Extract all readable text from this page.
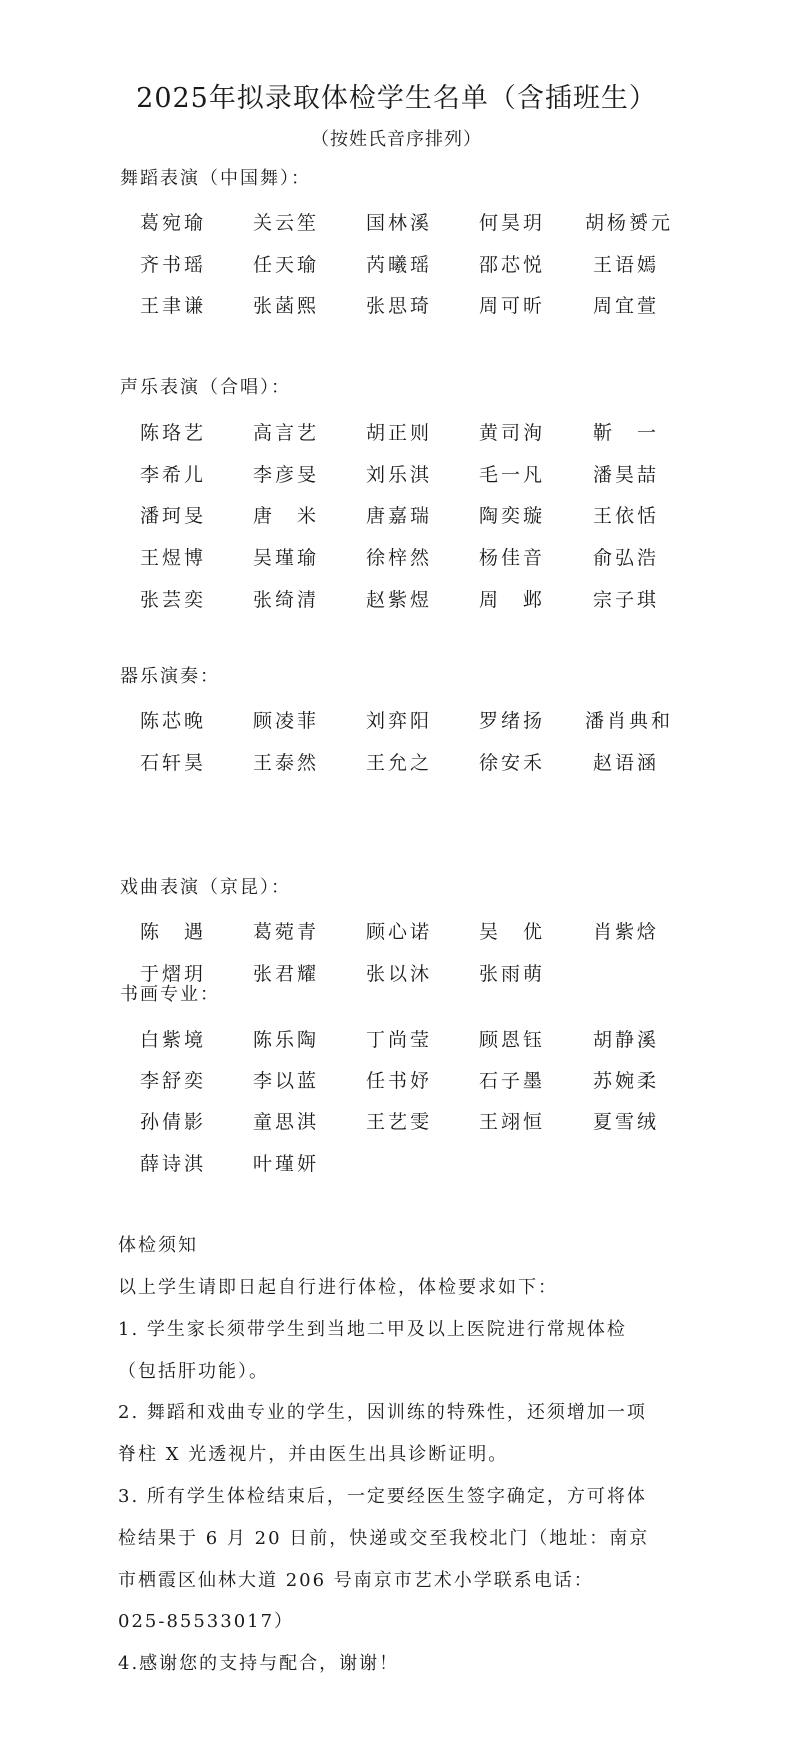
2025年拟录取体检学生名单（含插班生）
（按姓氏音序排列）
舞蹈表演（中国舞）：
葛宛瑜 关云笙 国林溪 何昊玥 胡杨赟元
齐书瑶 任天瑜 芮曦瑶 邵芯悦	王语嫣
王聿谦 张菡熙 张思琦 周可昕	周宜萱
声乐表演（合唱）：
陈珞艺 高言艺 胡正则 黄司洵	靳　一
李希儿 李彦旻 刘乐淇 毛一凡	潘昊喆
潘珂旻 唐　米 唐嘉瑞 陶奕璇	王依恬
王煜博 吴瑾瑜 徐梓然 杨佳音	俞弘浩
张芸奕 张绮清 赵紫煜 周　邺	宗子琪
器乐演奏：
陈芯晚 顾凌菲 刘弈阳 罗绪扬 潘肖典和
石轩昊 王泰然 王允之 徐安禾	赵语涵
戏曲表演（京昆）：
陈　遇 葛菀青 顾心诺 吴　优	肖紫焓
于熠玥 张君耀 张以沐 张雨萌
书画专业：
白紫境 陈乐陶 丁尚莹 顾恩钰	胡静溪
李舒奕 李以蓝 任书妤 石子墨	苏婉柔
孙倩影 童思淇 王艺雯 王翊恒	夏雪绒
薛诗淇 叶瑾妍
体检须知
以上学生请即日起自行进行体检，体检要求如下：
1. 学生家长须带学生到当地二甲及以上医院进行常规体检
（包括肝功能）。
2. 舞蹈和戏曲专业的学生，因训练的特殊性，还须增加一项
脊柱 X 光透视片，并由医生出具诊断证明。
3. 所有学生体检结束后，一定要经医生签字确定，方可将体
检结果于 6 月 20 日前，快递或交至我校北门（地址：南京
市栖霞区仙林大道 206 号南京市艺术小学联系电话：
025-85533017）
4.感谢您的支持与配合，谢谢！
